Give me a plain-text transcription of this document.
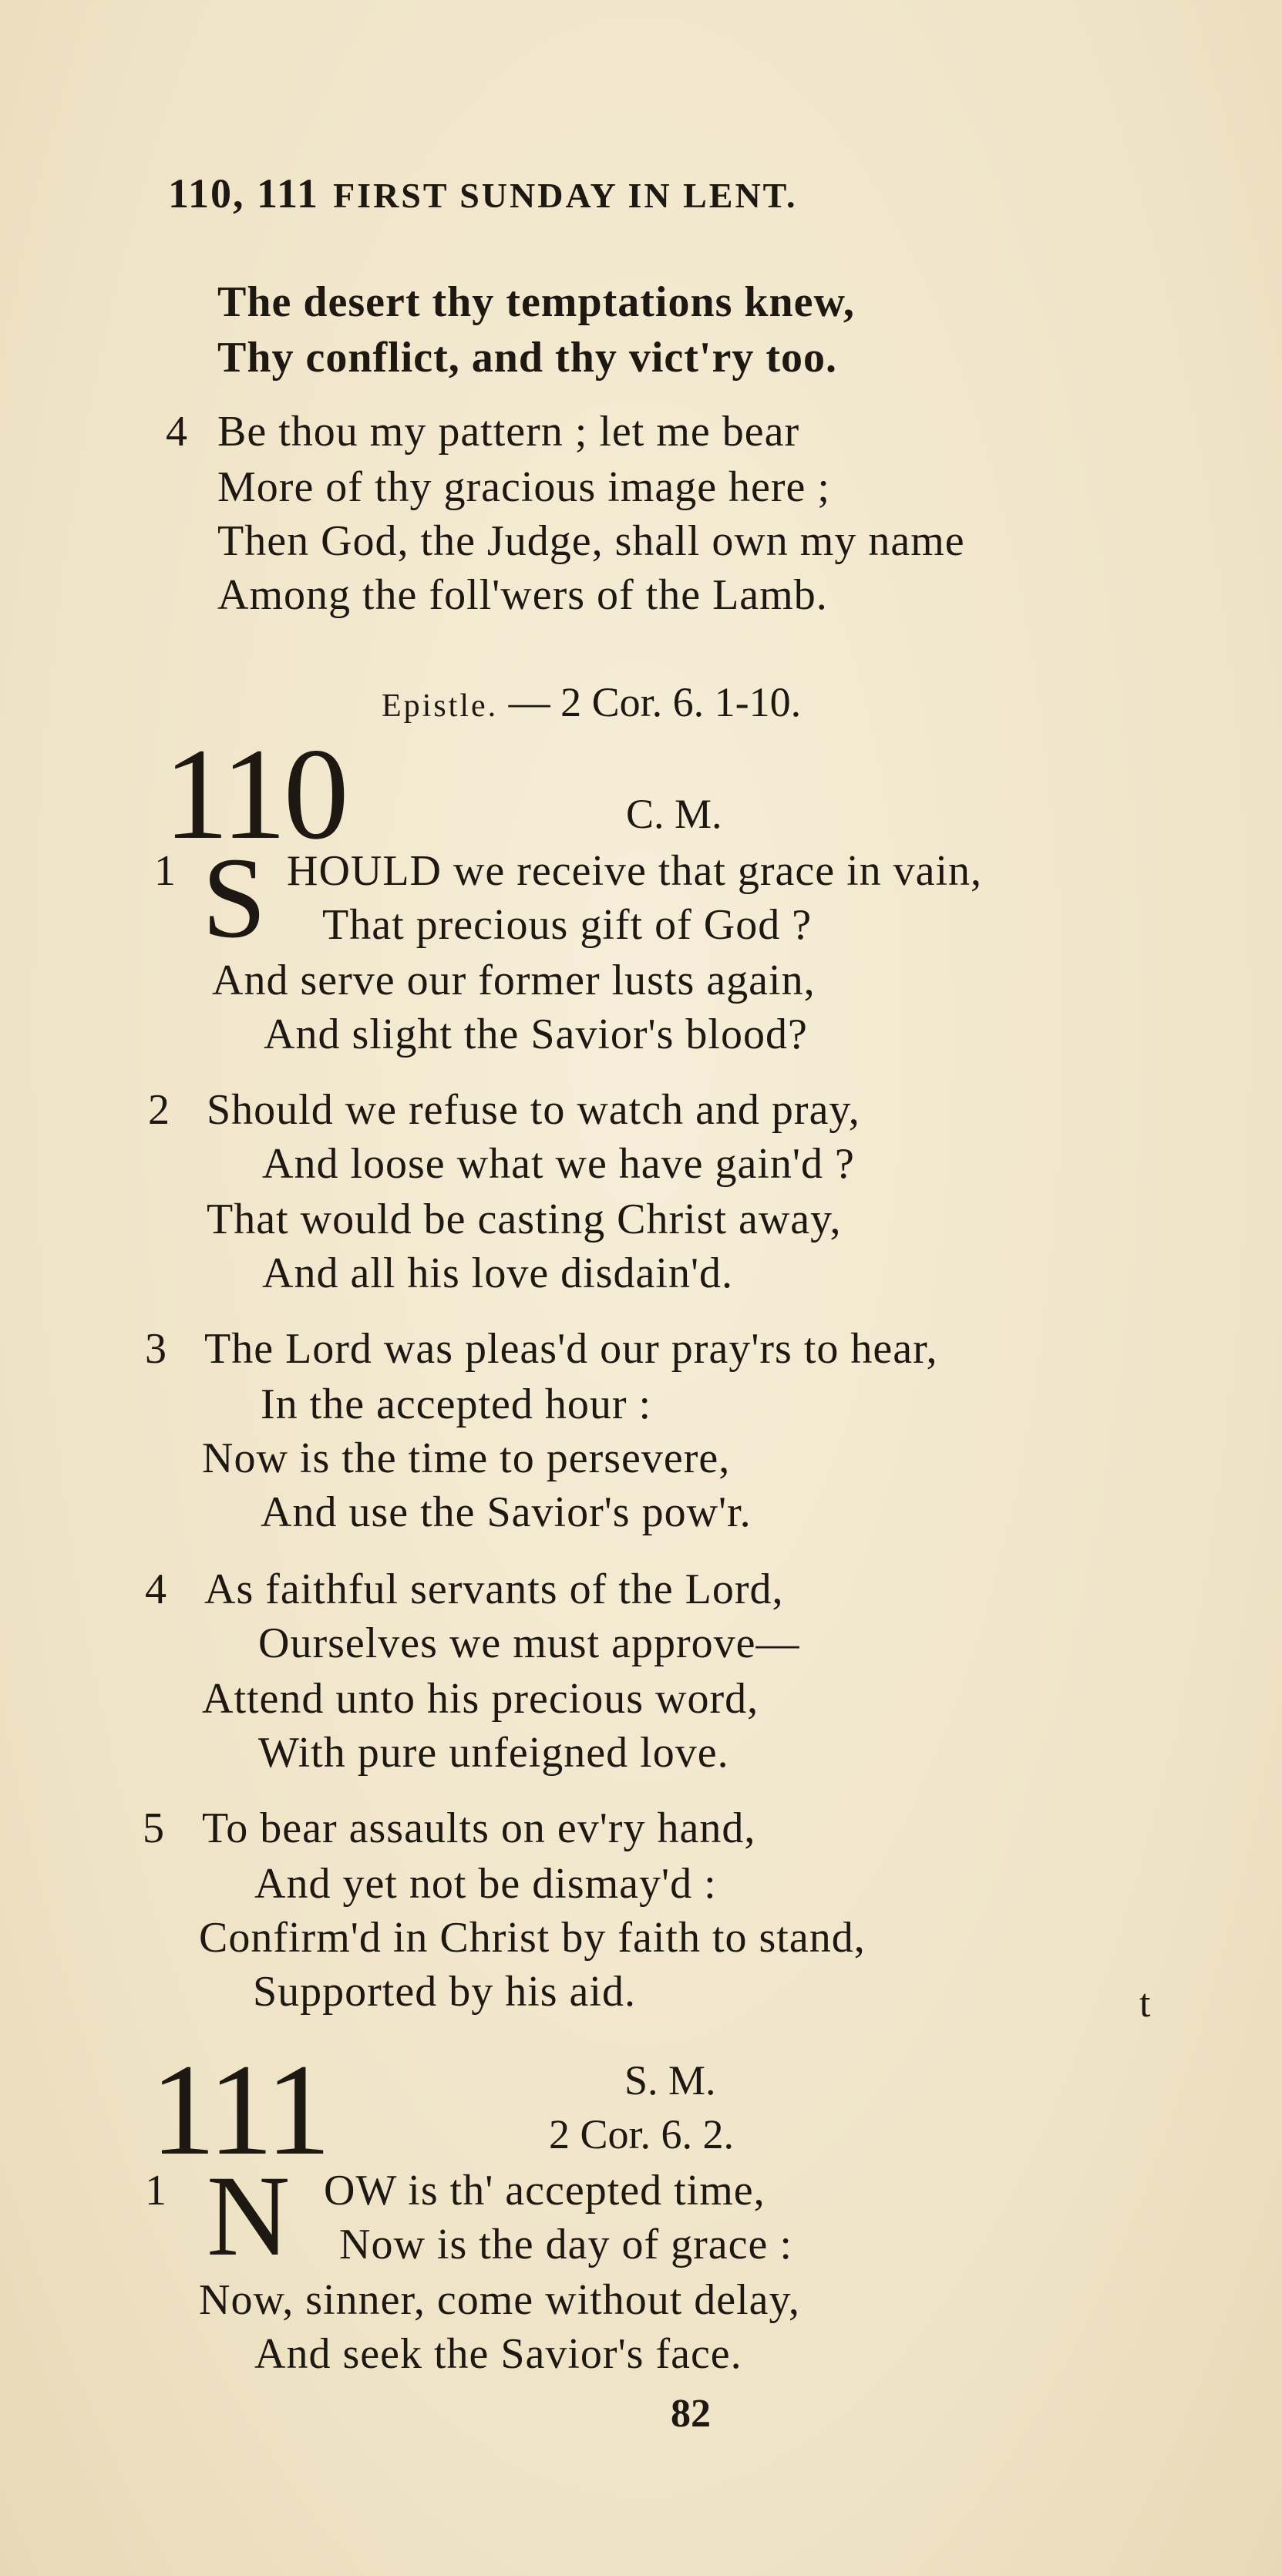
110, 111 FIRST SUNDAY IN LENT.
The desert thy temptations knew,
Thy conflict, and thy vict'ry too.
4 Be thou my pattern ; let me bear
More of thy gracious image here ;
Then God, the Judge, shall own my name
Among the foll'wers of the Lamb.
Epistle. — 2 Cor. 6. 1-10.
110	C. M.
1 S HOULD we receive that grace in vain,
That precious gift of God ?
And serve our former lusts again,
And slight the Savior's blood?
2 Should we refuse to watch and pray,
And loose what we have gain'd ?
That would be casting Christ away,
And all his love disdain'd.
3 The Lord was pleas'd our pray'rs to hear,
In the accepted hour :
Now is the time to persevere,
And use the Savior's pow'r.
4 As faithful servants of the Lord,
Ourselves we must approve—
Attend unto his precious word,
With pure unfeigned love.
5 To bear assaults on ev'ry hand,
And yet not be dismay'd :
Confirm'd in Christ by faith to stand,
Supported by his aid.	t
111	S. M.
2 Cor. 6. 2.
1 N OW is th' accepted time,
Now is the day of grace :
Now, sinner, come without delay,
And seek the Savior's face.
82
